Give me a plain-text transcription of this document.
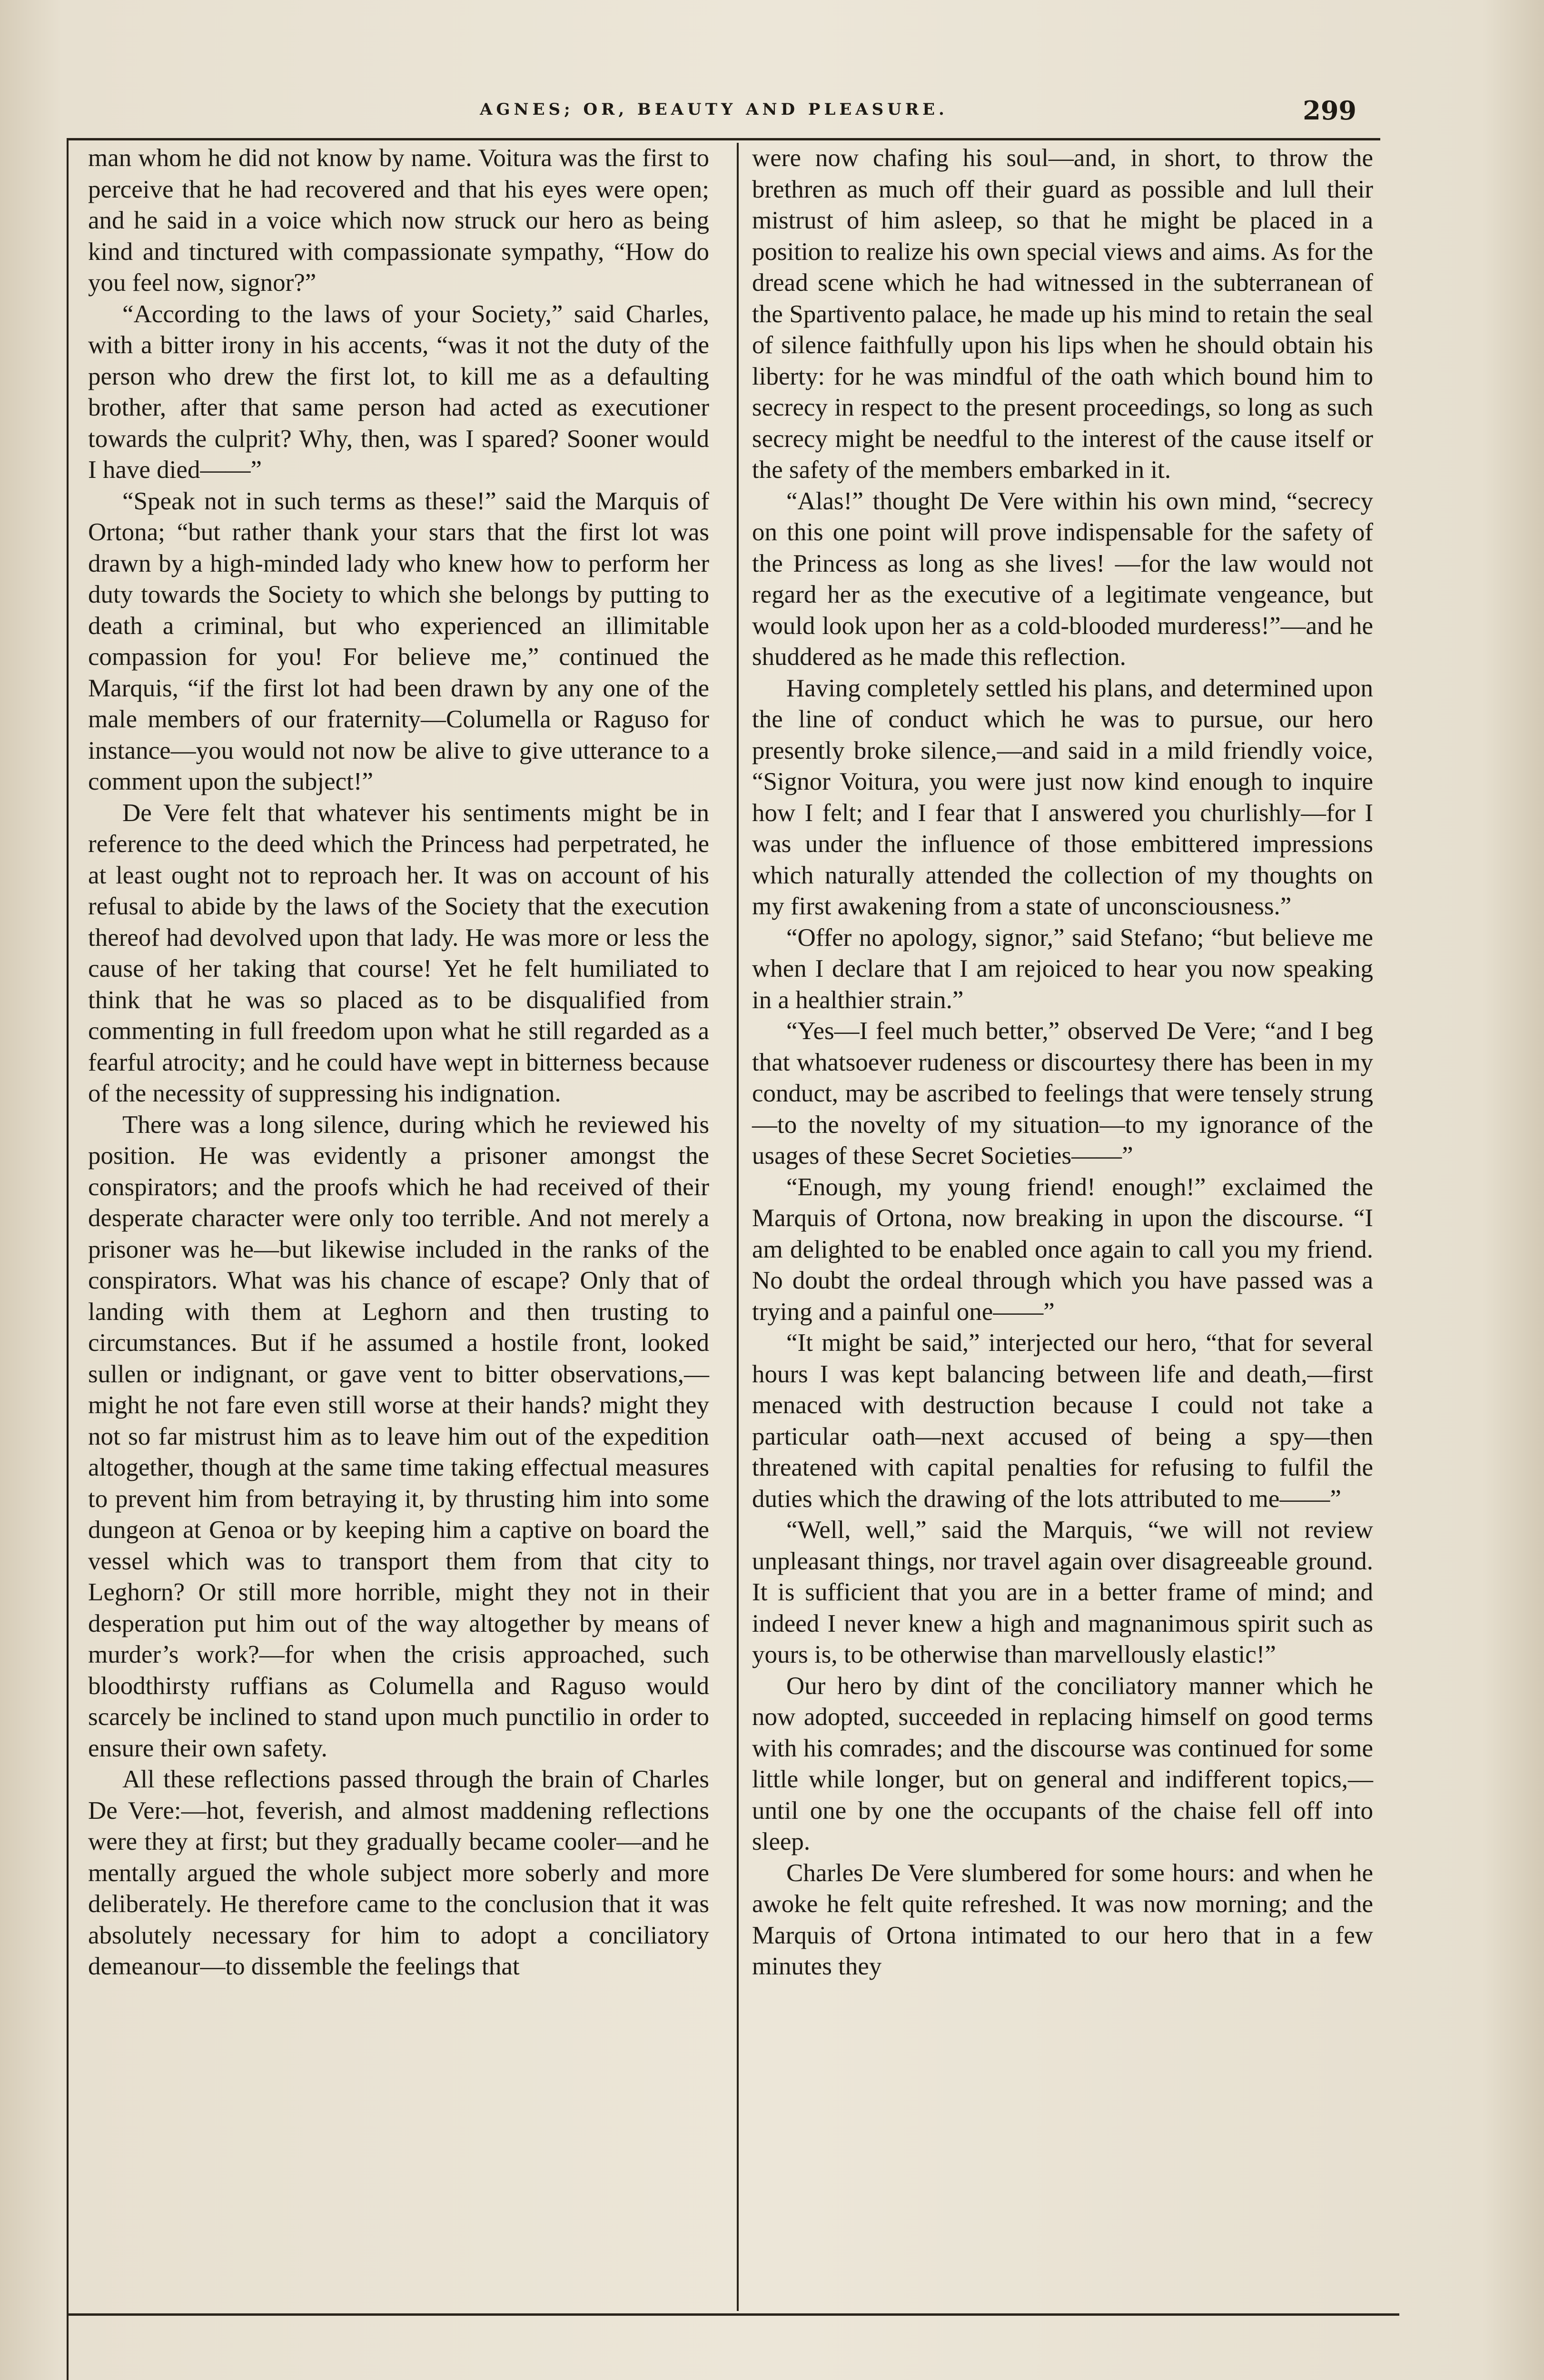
AGNES; OR, BEAUTY AND PLEASURE.	299

man whom he did not know by name. Voitura was the first to perceive that he had recovered and that his eyes were open; and he said in a voice which now struck our hero as being kind and tinctured with compassionate sympathy, “How do you feel now, signor?”

“According to the laws of your Society,” said Charles, with a bitter irony in his accents, “was it not the duty of the person who drew the first lot, to kill me as a defaulting brother, after that same person had acted as executioner towards the culprit? Why, then, was I spared? Sooner would I have died——”

“Speak not in such terms as these!” said the Marquis of Ortona; “but rather thank your stars that the first lot was drawn by a high-minded lady who knew how to perform her duty towards the Society to which she belongs by putting to death a criminal, but who experienced an illimitable compassion for you! For believe me,” continued the Marquis, “if the first lot had been drawn by any one of the male members of our fraternity—Columella or Raguso for instance—you would not now be alive to give utterance to a comment upon the subject!”

De Vere felt that whatever his sentiments might be in reference to the deed which the Princess had perpetrated, he at least ought not to reproach her. It was on account of his refusal to abide by the laws of the Society that the execution thereof had devolved upon that lady. He was more or less the cause of her taking that course! Yet he felt humiliated to think that he was so placed as to be disqualified from commenting in full freedom upon what he still regarded as a fearful atrocity; and he could have wept in bitterness because of the necessity of suppressing his indignation.

There was a long silence, during which he reviewed his position. He was evidently a prisoner amongst the conspirators; and the proofs which he had received of their desperate character were only too terrible. And not merely a prisoner was he—but likewise included in the ranks of the conspirators. What was his chance of escape? Only that of landing with them at Leghorn and then trusting to circumstances. But if he assumed a hostile front, looked sullen or indignant, or gave vent to bitter observations,—might he not fare even still worse at their hands? might they not so far mistrust him as to leave him out of the expedition altogether, though at the same time taking effectual measures to prevent him from betraying it, by thrusting him into some dungeon at Genoa or by keeping him a captive on board the vessel which was to transport them from that city to Leghorn? Or still more horrible, might they not in their desperation put him out of the way altogether by means of murder’s work?—for when the crisis approached, such bloodthirsty ruffians as Columella and Raguso would scarcely be inclined to stand upon much punctilio in order to ensure their own safety.

All these reflections passed through the brain of Charles De Vere:—hot, feverish, and almost maddening reflections were they at first; but they gradually became cooler—and he mentally argued the whole subject more soberly and more deliberately. He therefore came to the conclusion that it was absolutely necessary for him to adopt a conciliatory demeanour—to dissemble the feelings that

were now chafing his soul—and, in short, to throw the brethren as much off their guard as possible and lull their mistrust of him asleep, so that he might be placed in a position to realize his own special views and aims. As for the dread scene which he had witnessed in the subterranean of the Spartivento palace, he made up his mind to retain the seal of silence faithfully upon his lips when he should obtain his liberty: for he was mindful of the oath which bound him to secrecy in respect to the present proceedings, so long as such secrecy might be needful to the interest of the cause itself or the safety of the members embarked in it.

“Alas!” thought De Vere within his own mind, “secrecy on this one point will prove indispensable for the safety of the Princess as long as she lives! —for the law would not regard her as the executive of a legitimate vengeance, but would look upon her as a cold-blooded murderess!”—and he shuddered as he made this reflection.

Having completely settled his plans, and determined upon the line of conduct which he was to pursue, our hero presently broke silence,—and said in a mild friendly voice, “Signor Voitura, you were just now kind enough to inquire how I felt; and I fear that I answered you churlishly—for I was under the influence of those embittered impressions which naturally attended the collection of my thoughts on my first awakening from a state of unconsciousness.”

“Offer no apology, signor,” said Stefano; “but believe me when I declare that I am rejoiced to hear you now speaking in a healthier strain.”

“Yes—I feel much better,” observed De Vere; “and I beg that whatsoever rudeness or discourtesy there has been in my conduct, may be ascribed to feelings that were tensely strung—to the novelty of my situation—to my ignorance of the usages of these Secret Societies——”

“Enough, my young friend! enough!” exclaimed the Marquis of Ortona, now breaking in upon the discourse. “I am delighted to be enabled once again to call you my friend. No doubt the ordeal through which you have passed was a trying and a painful one——”

“It might be said,” interjected our hero, “that for several hours I was kept balancing between life and death,—first menaced with destruction because I could not take a particular oath—next accused of being a spy—then threatened with capital penalties for refusing to fulfil the duties which the drawing of the lots attributed to me——”

“Well, well,” said the Marquis, “we will not review unpleasant things, nor travel again over disagreeable ground. It is sufficient that you are in a better frame of mind; and indeed I never knew a high and magnanimous spirit such as yours is, to be otherwise than marvellously elastic!”

Our hero by dint of the conciliatory manner which he now adopted, succeeded in replacing himself on good terms with his comrades; and the discourse was continued for some little while longer, but on general and indifferent topics,—until one by one the occupants of the chaise fell off into sleep.

Charles De Vere slumbered for some hours: and when he awoke he felt quite refreshed. It was now morning; and the Marquis of Ortona intimated to our hero that in a few minutes they
